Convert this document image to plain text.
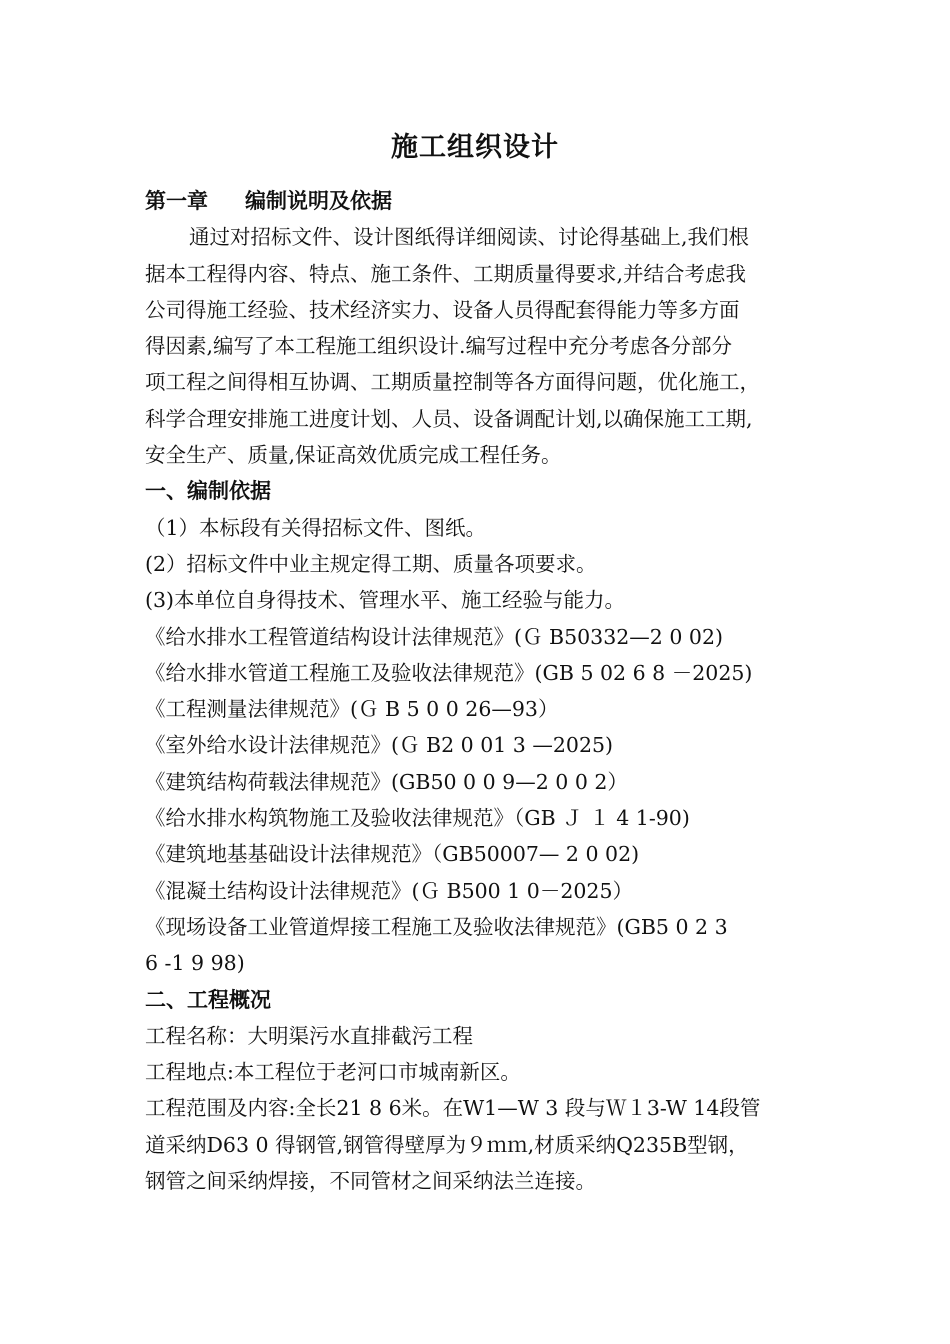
施工组织设计
第一章 编制说明及依据
通过对招标文件、设计图纸得详细阅读、讨论得基础上,我们根
据本工程得内容、特点、施工条件、工期质量得要求,并结合考虑我
公司得施工经验、技术经济实力、设备人员得配套得能力等多方面
得因素,编写了本工程施工组织设计.编写过程中充分考虑各分部分
项工程之间得相互协调、工期质量控制等各方面得问题，优化施工，
科学合理安排施工进度计划、人员、设备调配计划,以确保施工工期,
安全生产、质量,保证高效优质完成工程任务。
一、编制依据
（1）本标段有关得招标文件、图纸。
(2）招标文件中业主规定得工期、质量各项要求。
(3)本单位自身得技术、管理水平、施工经验与能力。
《给水排水工程管道结构设计法律规范》(Ｇ B50332—2 0 02)
《给水排水管道工程施工及验收法律规范》(GB 5 02 6 8 －2025)
《工程测量法律规范》(Ｇ B 5 0 0 26—93）
《室外给水设计法律规范》(Ｇ B2 0 01 3 —2025)
《建筑结构荷载法律规范》(GB50 0 0 9—2 0 0 2）
《给水排水构筑物施工及验收法律规范》（GB Ｊ １ 4 1-90)
《建筑地基基础设计法律规范》（GB50007— 2 0 02)
《混凝土结构设计法律规范》(Ｇ B500 1 0－2025）
《现场设备工业管道焊接工程施工及验收法律规范》(GB5 0 2 3
6 -1 9 98)
二、工程概况
工程名称：大明渠污水直排截污工程
工程地点:本工程位于老河口市城南新区。
工程范围及内容:全长21 8 6米。在W1—W 3 段与Ｗ１3-W 14段管
道采纳D63 0 得钢管,钢管得壁厚为９ｍｍ,材质采纳Q235B型钢，
钢管之间采纳焊接，不同管材之间采纳法兰连接。
